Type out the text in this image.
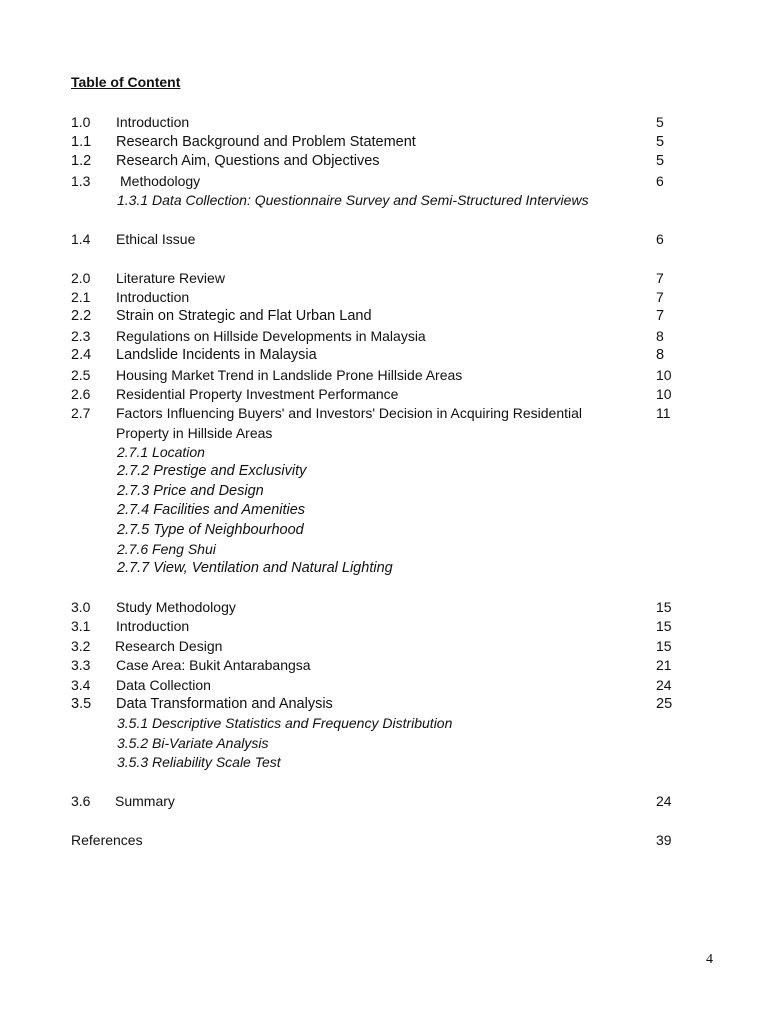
Table of Content
1.0 Introduction	5
1.1 Research Background and Problem Statement	5
1.2 Research Aim, Questions and Objectives	5
1.3 Methodology	6
1.3.1 Data Collection: Questionnaire Survey and Semi-Structured Interviews
1.4 Ethical Issue	6
2.0 Literature Review	7
2.1 Introduction	7
2.2 Strain on Strategic and Flat Urban Land	7
2.3 Regulations on Hillside Developments in Malaysia	8
2.4 Landslide Incidents in Malaysia	8
2.5 Housing Market Trend in Landslide Prone Hillside Areas	10
2.6 Residential Property Investment Performance	10
2.7 Factors Influencing Buyers' and Investors' Decision in Acquiring Residential	11
Property in Hillside Areas
2.7.1 Location
2.7.2 Prestige and Exclusivity
2.7.3 Price and Design
2.7.4 Facilities and Amenities
2.7.5 Type of Neighbourhood
2.7.6 Feng Shui
2.7.7 View, Ventilation and Natural Lighting
3.0 Study Methodology	15
3.1 Introduction	15
3.2 Research Design	15
3.3 Case Area: Bukit Antarabangsa	21
3.4 Data Collection	24
3.5 Data Transformation and Analysis	25
3.5.1 Descriptive Statistics and Frequency Distribution
3.5.2 Bi-Variate Analysis
3.5.3 Reliability Scale Test
3.6 Summary	24
References	39
4
